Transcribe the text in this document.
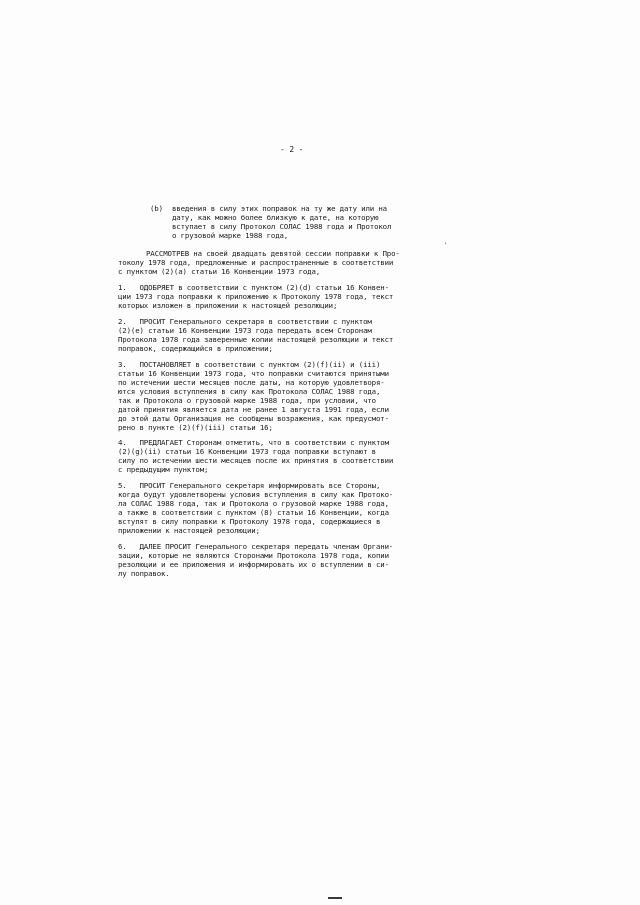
- 2 -
(b) введения в силу этих поправок на ту же дату или на
дату, как можно более близкую к дате, на которую
вступает в силу Протокол СОЛАС 1988 года и Протокол
о грузовой марке 1988 года,
'
РАССМОТРЕВ на своей двадцать девятой сессии поправки к Про-
токолу 1978 года, предложенные и распространенные в соответствии
с пунктом (2)(а) статьи 16 Конвенции 1973 года,
1.   ОДОБРЯЕТ в соответствии с пунктом (2)(d) статьи 16 Конвен-
ции 1973 года поправки к приложению к Протоколу 1978 года, текст
которых изложен в приложении к настоящей резолюции;
2.   ПРОСИТ Генерального секретаря в соответствии с пунктом
(2)(е) статьи 16 Конвенции 1973 года передать всем Сторонам
Протокола 1978 года заверенные копии настоящей резолюции и текст
поправок, содержащийся в приложении;
3.   ПОСТАНОВЛЯЕТ в соответствии с пунктом (2)(f)(ii) и (iii)
статьи 16 Конвенции 1973 года, что поправки считаются принятыми
по истечении шести месяцев после даты, на которую удовлетворя-
ются условия вступления в силу как Протокола СОЛАС 1988 года,
так и Протокола о грузовой марке 1988 года, при условии, что
датой принятия является дата не ранее 1 августа 1991 года, если
до этой даты Организация не сообщены возражения, как предусмот-
рено в пункте (2)(f)(iii) статьи 16;
4.   ПРЕДЛАГАЕТ Сторонам отметить, что в соответствии с пунктом
(2)(g)(ii) статьи 16 Конвенции 1973 года поправки вступают в
силу по истечении шести месяцев после их принятия в соответствии
с предыдущим пунктом;
5.   ПРОСИТ Генерального секретаря информировать все Стороны,
когда будут удовлетворены условия вступления в силу как Протоко-
ла СОЛАС 1988 года, так и Протокола о грузовой марке 1988 года,
а также в соответствии с пунктом (8) статьи 16 Конвенции, когда
вступят в силу поправки к Протоколу 1978 года, содержащиеся в
приложении к настоящей резолюции;
6.   ДАЛЕЕ ПРОСИТ Генерального секретаря передать членам Органи-
зации, которые не являются Сторонами Протокола 1978 года, копии
резолюции и ее приложения и информировать их о вступлении в си-
лу поправок.
